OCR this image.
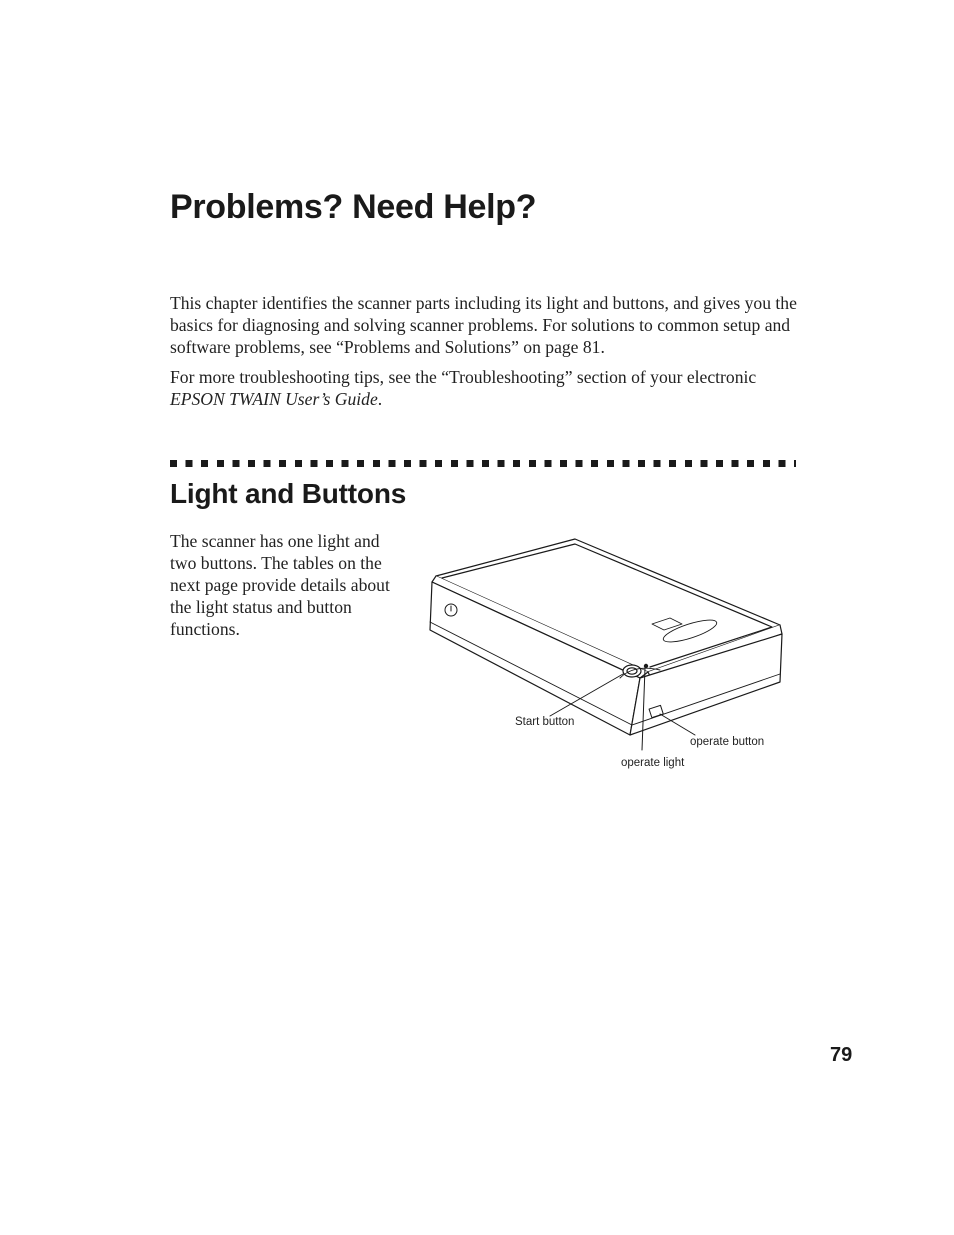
Problems? Need Help?

This chapter identifies the scanner parts including its light and buttons, and gives you the basics for diagnosing and solving scanner problems. For solutions to common setup and software problems, see “Problems and Solutions” on page 81.

For more troubleshooting tips, see the “Troubleshooting” section of your electronic EPSON TWAIN User’s Guide.

Light and Buttons

The scanner has one light and two buttons. The tables on the next page provide details about the light status and button functions.

Start button
operate button
operate light
79
